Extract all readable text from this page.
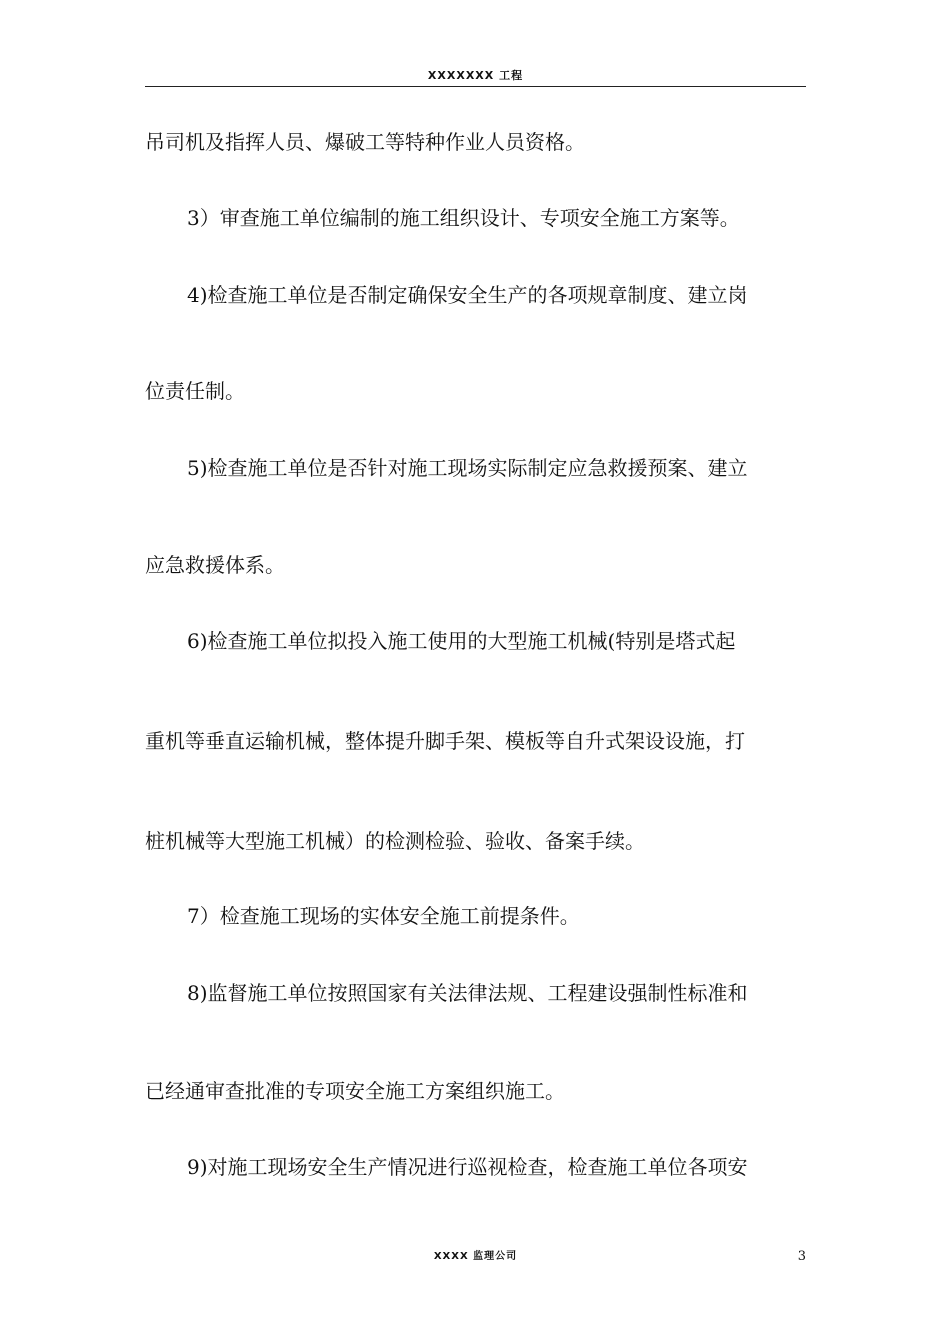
XXXXXXX 工程
吊司机及指挥人员、爆破工等特种作业人员资格。
3）审查施工单位编制的施工组织设计、专项安全施工方案等。
4)检查施工单位是否制定确保安全生产的各项规章制度、建立岗
位责任制。
5)检查施工单位是否针对施工现场实际制定应急救援预案、建立
应急救援体系。
6)检查施工单位拟投入施工使用的大型施工机械(特别是塔式起
重机等垂直运输机械，整体提升脚手架、模板等自升式架设设施，打
桩机械等大型施工机械）的检测检验、验收、备案手续。
7）检查施工现场的实体安全施工前提条件。
8)监督施工单位按照国家有关法律法规、工程建设强制性标准和
已经通审查批准的专项安全施工方案组织施工。
9)对施工现场安全生产情况进行巡视检查，检查施工单位各项安
XXXX 监理公司	3
